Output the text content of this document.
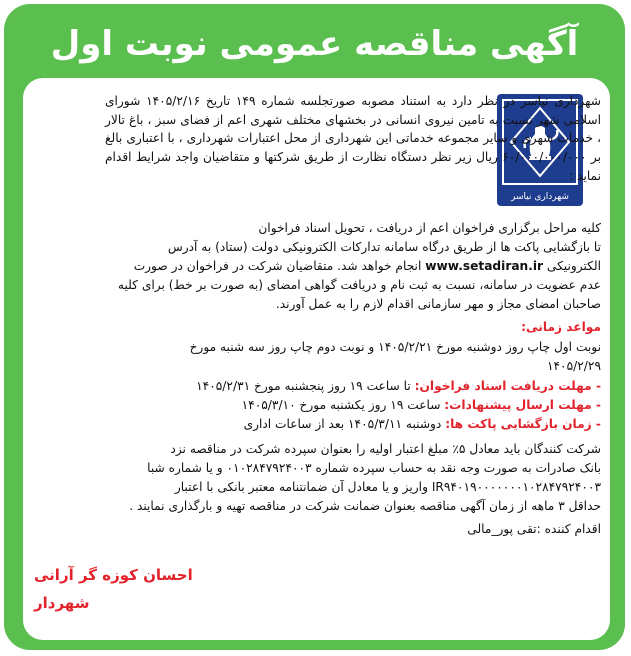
آگهی مناقصه عمومی نوبت اول
شهرداری نیاسر
شهرداری نیاسر در نظر دارد به استناد مصوبه صورتجلسه شماره ۱۴۹ تاریخ ۱۴۰۵/۲/۱۶ شورای اسلامی شهر نسبت به تامین نیروی انسانی در بخشهای مختلف شهری اعم از فضای سبز ، باغ تالار ، خدمات شهری و سایر مجموعه خدماتی این شهرداری از محل اعتبارات شهرداری ، با اعتباری بالغ بر ۶۰/۰۰۰/۰۰۰/۰۰۰ ریال زیر نظر دستگاه نظارت از طریق شرکتها و متقاضیان واجد شرایط اقدام نماید :
کلیه مراحل برگزاری فراخوان اعم از دریافت ، تحویل اسناد فراخوان
تا بازگشایی پاکت ها از طریق درگاه سامانه تدارکات الکترونیکی دولت (ستاد) به آدرس
الکترونیکی www.setadiran.ir انجام خواهد شد. متقاضیان شرکت در فراخوان در صورت
عدم عضویت در سامانه، نسبت به ثبت نام و دریافت گواهی امضای (به صورت بر خط) برای کلیه
صاحبان امضای مجاز و مهر سازمانی اقدام لازم را به عمل آورند.
مواعد زمانی:
نوبت اول چاپ روز دوشنبه مورخ ۱۴۰۵/۲/۲۱ و نوبت دوم چاپ روز سه شنبه مورخ
۱۴۰۵/۲/۲۹
- مهلت دریافت اسناد فراخوان: تا ساعت ۱۹ روز پنجشنبه مورخ ۱۴۰۵/۲/۳۱
- مهلت ارسال پیشنهادات: ساعت ۱۹ روز یکشنبه مورخ ۱۴۰۵/۳/۱۰
- زمان بازگشایی پاکت ها: دوشنبه ۱۴۰۵/۳/۱۱ بعد از ساعات اداری
شرکت کنندگان باید معادل ۵٪ مبلغ اعتبار اولیه را بعنوان سپرده شرکت در مناقصه نزد
بانک صادرات به صورت وجه نقد به حساب سپرده شماره ۰۱۰۲۸۴۷۹۲۴۰۰۳ و یا شماره شبا
IR۹۴۰۱۹۰۰۰۰۰۰۰۱۰۲۸۴۷۹۲۴۰۰۳ واریز و یا معادل آن ضمانتنامه معتبر بانکی با اعتبار
حداقل ۳ ماهه از زمان آگهی مناقصه بعنوان ضمانت شرکت در مناقصه تهیه و بارگذاری نمایند .
اقدام کننده :تقی پور_مالی
احسان کوزه گر آرانی
شهردار
